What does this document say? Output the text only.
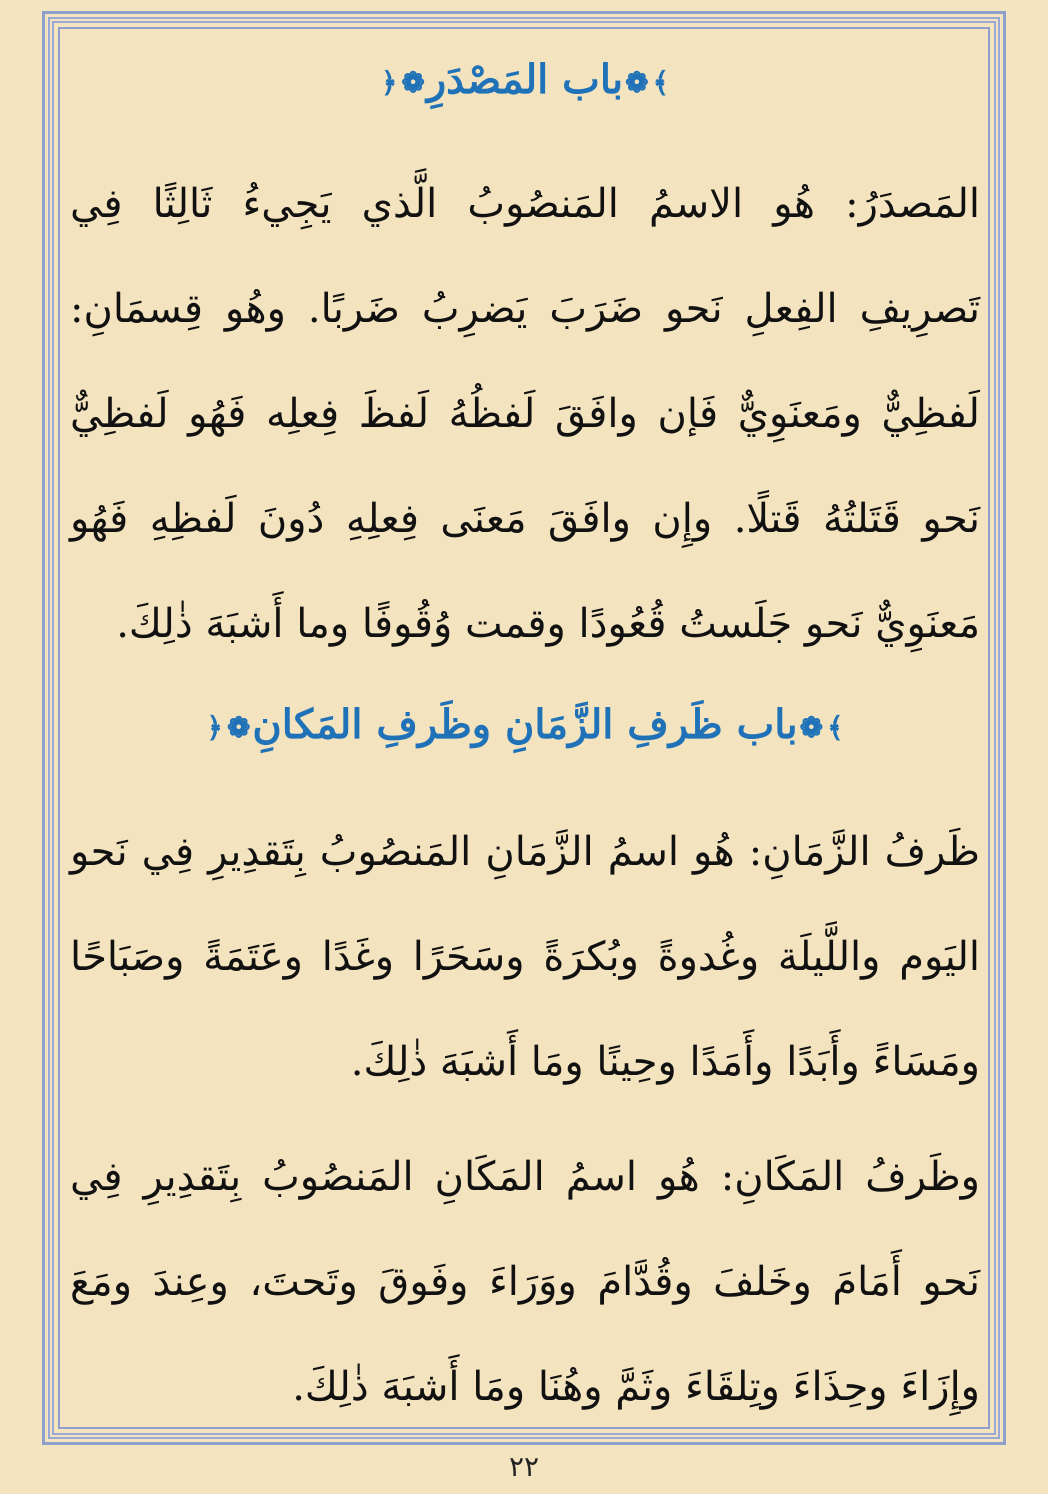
﴾❁باب المَصْدَرِ❁﴿
المَصدَرُ: هُو الاسمُ المَنصُوبُ الَّذي يَجِيءُ ثَالِثًا فِي تَصرِيفِ الفِعلِ نَحو ضَرَبَ يَضرِبُ ضَربًا. وهُو قِسمَانِ: لَفظِيٌّ ومَعنَوِيٌّ فَإن وافَقَ لَفظُهُ لَفظَ فِعلِه فَهُو لَفظِيٌّ نَحو قَتَلتُهُ قَتلًا. وإِن وافَقَ مَعنَى فِعلِهِ دُونَ لَفظِهِ فَهُو مَعنَوِيٌّ نَحو جَلَستُ قُعُودًا وقمت وُقُوفًا وما أَشبَهَ ذٰلِكَ.
﴾❁باب ظَرفِ الزَّمَانِ وظَرفِ المَكانِ❁﴿
ظَرفُ الزَّمَانِ: هُو اسمُ الزَّمَانِ المَنصُوبُ بِتَقدِيرِ فِي نَحو اليَوم واللَّيلَة وغُدوةً وبُكرَةً وسَحَرًا وغَدًا وعَتَمَةً وصَبَاحًا ومَسَاءً وأَبَدًا وأَمَدًا وحِينًا ومَا أَشبَهَ ذٰلِكَ.
وظَرفُ المَكَانِ: هُو اسمُ المَكَانِ المَنصُوبُ بِتَقدِيرِ فِي نَحو أَمَامَ وخَلفَ وقُدَّامَ ووَرَاءَ وفَوقَ وتَحتَ، وعِندَ ومَعَ وإِزَاءَ وحِذَاءَ وتِلقَاءَ وثَمَّ وهُنَا ومَا أَشبَهَ ذٰلِكَ.
٢٢
